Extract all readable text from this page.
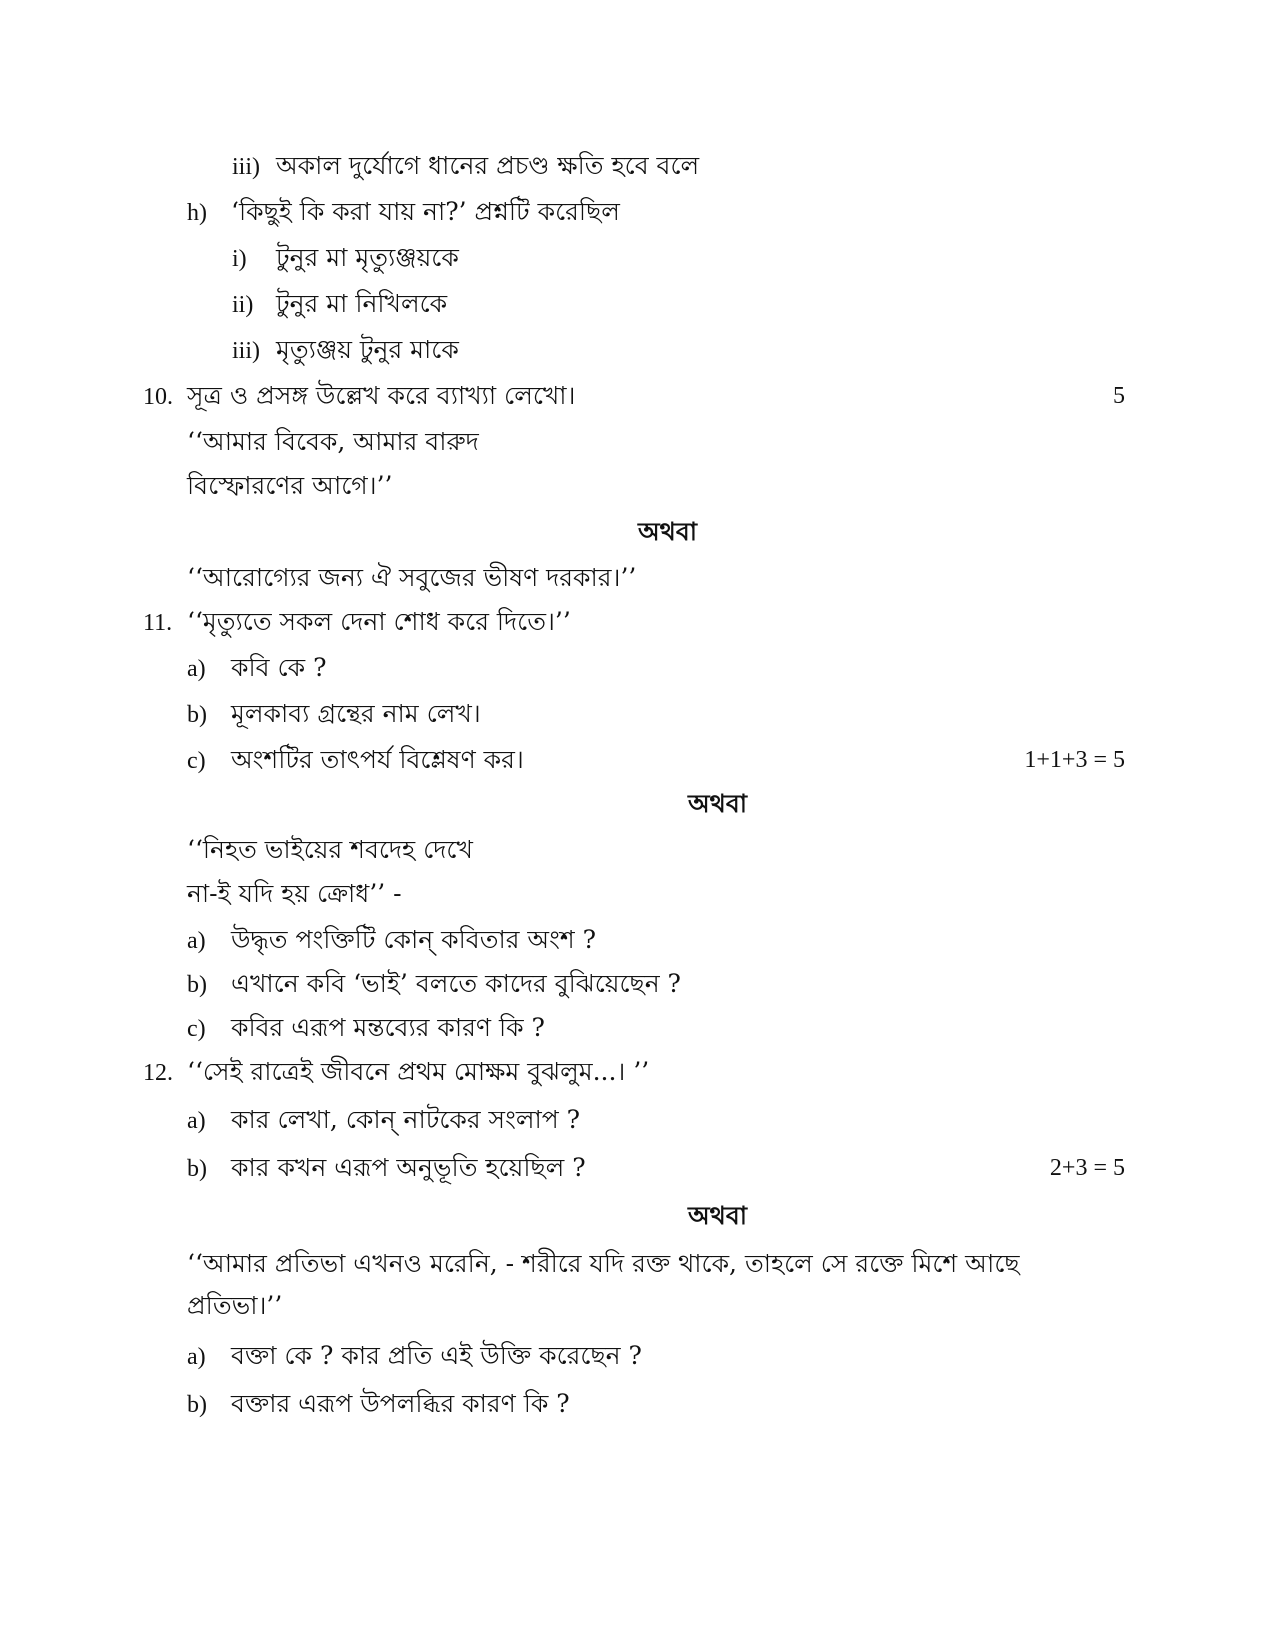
iii) অকাল দুর্যোগে ধানের প্রচণ্ড ক্ষতি হবে বলে
h) ‘কিছুই কি করা যায় না?’ প্রশ্নটি করেছিল
i) টুনুর মা মৃত্যুঞ্জয়কে
ii) টুনুর মা নিখিলকে
iii) মৃত্যুঞ্জয় টুনুর মাকে
10. সূত্র ও প্রসঙ্গ উল্লেখ করে ব্যাখ্যা লেখো।	5
‘‘আমার বিবেক, আমার বারুদ
বিস্ফোরণের আগে।’’
অথবা
‘‘আরোগ্যের জন্য ঐ সবুজের ভীষণ দরকার।’’
11. ‘‘মৃত্যুতে সকল দেনা শোধ করে দিতে।’’
a) কবি কে ?
b) মূলকাব্য গ্রন্থের নাম লেখ।
c) অংশটির তাৎপর্য বিশ্লেষণ কর।	1+1+3 = 5
অথবা
‘‘নিহত ভাইয়ের শবদেহ দেখে
না-ই যদি হয় ক্রোধ’’ -
a) উদ্ধৃত পংক্তিটি কোন্ কবিতার অংশ ?
b) এখানে কবি ‘ভাই’ বলতে কাদের বুঝিয়েছেন ?
c) কবির এরূপ মন্তব্যের কারণ কি ?
12. ‘‘সেই রাত্রেই জীবনে প্রথম মোক্ষম বুঝলুম...। ’’
a) কার লেখা, কোন্ নাটকের সংলাপ ?
b) কার কখন এরূপ অনুভূতি হয়েছিল ?	2+3 = 5
অথবা
‘‘আমার প্রতিভা এখনও মরেনি, - শরীরে যদি রক্ত থাকে, তাহলে সে রক্তে মিশে আছে
প্রতিভা।’’
a) বক্তা কে ? কার প্রতি এই উক্তি করেছেন ?
b) বক্তার এরূপ উপলব্ধির কারণ কি ?
